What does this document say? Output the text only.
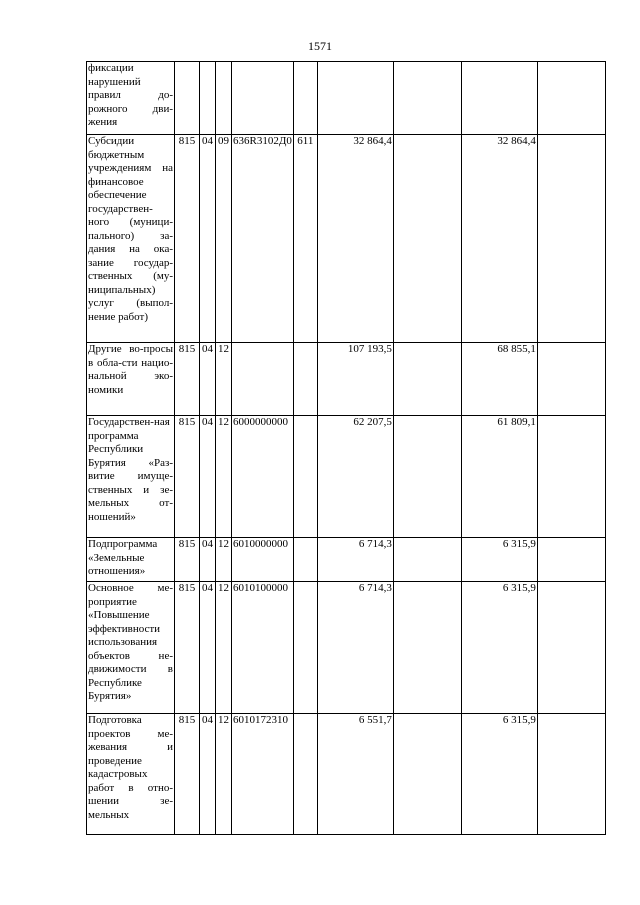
1571
фиксации
нарушений
правил до-
рожного дви-
жения									

Субсидии бюджетным учреждениям на финансовое обеспечение государствен-ного (муници-пального) за-дания на ока-зание государ-ственных (му-ниципальных) услуг (выпол-нение работ)	815	04	09	636R3102Д0	611	32 864,4		32 864,4	
Другие во-просы в обла-сти нацио-нальной эко-номики	815	04	12			107 193,5		68 855,1	
Государствен-ная программа Республики Бурятия «Раз-витие имуще-ственных и зе-мельных от-ношений»	815	04	12	6000000000		62 207,5		61 809,1	
Подпрограмма «Земельные отношения»	815	04	12	6010000000		6 714,3		6 315,9	
Основное ме-роприятие «Повышение эффективности использования объектов не-движимости в Республике Бурятия»	815	04	12	6010100000		6 714,3		6 315,9	
Подготовка проектов ме-жевания и проведение кадастровых работ в отно-шении зе-мельных	815	04	12	6010172310		6 551,7		6 315,9	
